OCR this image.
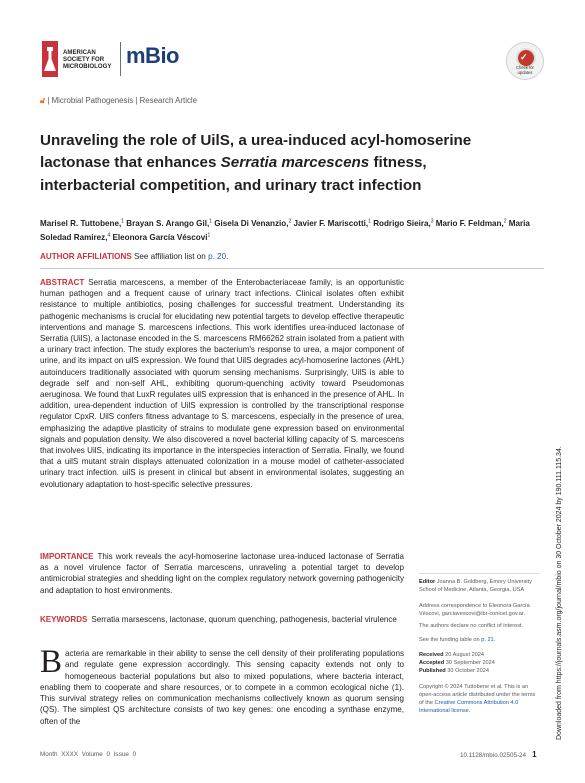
AMERICAN
SOCIETY FOR
MICROBIOLOGY mBio	✓
Check for
updates
🔓︎ | Microbial Pathogenesis | Research Article
Unraveling the role of UilS, a urea-induced acyl-homoserine lactonase that enhances Serratia marcescens fitness, interbacterial competition, and urinary tract infection
Marisel R. Tuttobene,$^1$ Brayan S. Arango Gil,$^1$ Gisela Di Venanzio,$^2$ Javier F. Mariscotti,$^1$ Rodrigo Sieira,$^3$ Mario F. Feldman,$^2$ Maria Soledad Ramirez,$^4$ Eleonora García Véscovi$^1$
AUTHOR AFFILIATIONS See affiliation list on p. 20.
ABSTRACT Serratia marcescens, a member of the Enterobacteriaceae family, is an opportunistic human pathogen and a frequent cause of urinary tract infections. Clinical isolates often exhibit resistance to multiple antibiotics, posing challenges for successful treatment. Understanding its pathogenic mechanisms is crucial for elucidating new potential targets to develop effective therapeutic interventions and manage S. marcescens infections. This work identifies urea-induced lactonase of Serratia (UilS), a lactonase encoded in the S. marcescens RM66262 strain isolated from a patient with a urinary tract infection. The study explores the bacterium's response to urea, a major component of urine, and its impact on uilS expression. We found that UilS degrades acyl-homoserine lactones (AHL) autoinducers traditionally associated with quorum sensing mechanisms. Surprisingly, UilS is able to degrade self and non-self AHL, exhibiting quorum-quenching activity toward Pseudomonas aeruginosa. We found that LuxR regulates uilS expression that is enhanced in the presence of AHL. In addition, urea-dependent induction of UilS expression is controlled by the transcriptional response regulator CpxR. UilS confers fitness advantage to S. marcescens, especially in the presence of urea, emphasizing the adaptive plasticity of strains to modulate gene expression based on environmental signals and population density. We also discovered a novel bacterial killing capacity of S. marcescens that involves UilS, indicating its importance in the interspecies interaction of Serratia. Finally, we found that a uilS mutant strain displays attenuated colonization in a mouse model of catheter-associated urinary tract infection. uilS is present in clinical but absent in environmental isolates, suggesting an evolutionary adaptation to host-specific selective pressures.
IMPORTANCE This work reveals the acyl-homoserine lactonase urea-induced lactonase of Serratia as a novel virulence factor of Serratia marcescens, unraveling a potential target to develop antimicrobial strategies and shedding light on the complex regulatory network governing pathogenicity and adaptation to host environments.
KEYWORDS Serratia marsescens, lactonase, quorum quenching, pathogenesis, bacterial virulence
Bacteria are remarkable in their ability to sense the cell density of their proliferating populations and regulate gene expression accordingly. This sensing capacity extends not only to homogeneous bacterial populations but also to mixed populations, where bacteria interact, enabling them to cooperate and share resources, or to compete in a common ecological niche (1). This survival strategy relies on communication mechanisms collectively known as quorum sensing (QS). The simplest QS architecture consists of two key genes: one encoding a synthase enzyme, often of the
Editor Joanna B. Goldberg, Emory University School of Medicine, Atlanta, Georgia, USA
Address correspondence to Eleonora García Véscovi, garciavescovi@ibr-conicet.gov.ar.
The authors declare no conflict of interest.
See the funding table on p. 21.
Received 20 August 2024
Accepted 30 September 2024
Published 30 October 2024
Copyright © 2024 Tuttobene et al. This is an open-access article distributed under the terms of the Creative Commons Attribution 4.0 International license.	Downloaded from https://journals.asm.org/journal/mbio on 30 October 2024 by 190.111.115.34.
Month XXXX Volume 0 Issue 0	10.1128/mbio.02505-24 1
